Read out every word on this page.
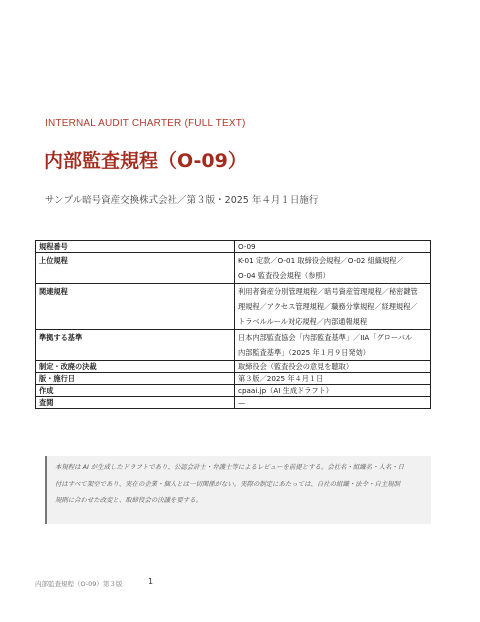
INTERNAL AUDIT CHARTER (FULL TEXT)
内部監査規程（O-09）
サンプル暗号資産交換株式会社／第３版・2025 年４月１日施行
規程番号	O-09

上位規程	K-01 定款／O-01 取締役会規程／O-02 組織規程／
O-04 監査役会規程（参照）

関連規程	利用者資産分別管理規程／暗号資産管理規程／秘密鍵管
理規程／アクセス管理規程／職務分掌規程／経理規程／
トラベルルール対応規程／内部通報規程

準拠する基準	日本内部監査協会「内部監査基準」／IIA「グローバル
内部監査基準」（2025 年１月９日発効）

制定・改廃の決裁	取締役会（監査役会の意見を聴取）

版・施行日	第３版／2025 年４月１日

作成	cpaai.jp（AI 生成ドラフト）

査閲	—
本規程は AI が生成したドラフトであり、公認会計士・弁護士等によるレビューを前提とする。会社名・組織名・人名・日
付はすべて架空であり、実在の企業・個人とは一切関係がない。実際の制定にあたっては、自社の組織・法令・自主規制
規則に合わせた改変と、取締役会の決議を要する。
内部監査規程（O-09）第３版	1
